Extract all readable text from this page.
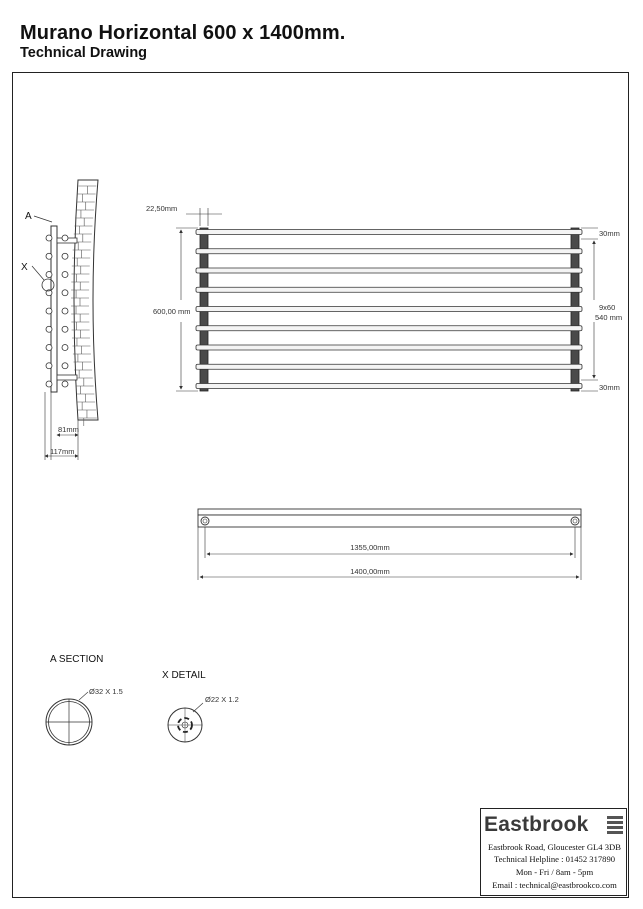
Murano Horizontal 600 x 1400mm.
Technical Drawing
A
X
81mm
117mm
22,50mm
600,00 mm
30mm
9x60
540 mm
30mm
1355,00mm
1400,00mm
A SECTION
Ø32 X 1.5
X DETAIL
Ø22 X 1.2
Eastbrook
Eastbrook Road, Gloucester GL4 3DB
Technical Helpline : 01452 317890
Mon - Fri / 8am - 5pm
Email : technical@eastbrookco.com
